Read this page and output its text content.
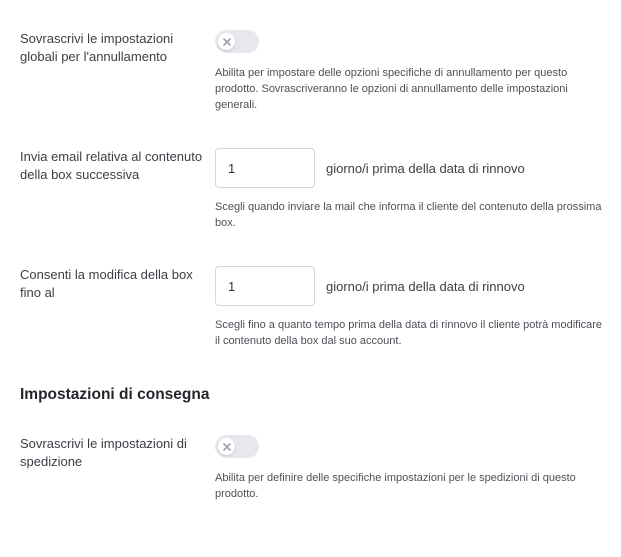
Sovrascrivi le impostazioni globali per l'annullamento
Abilita per impostare delle opzioni specifiche di annullamento per questo prodotto. Sovrascriveranno le opzioni di annullamento delle impostazioni generali.
Invia email relativa al contenuto della box successiva
1	giorno/i prima della data di rinnovo
Scegli quando inviare la mail che informa il cliente del contenuto della prossima box.
Consenti la modifica della box fino al
1	giorno/i prima della data di rinnovo
Scegli fino a quanto tempo prima della data di rinnovo il cliente potrà modificare il contenuto della box dal suo account.
Impostazioni di consegna
Sovrascrivi le impostazioni di spedizione
Abilita per definire delle specifiche impostazioni per le spedizioni di questo prodotto.
